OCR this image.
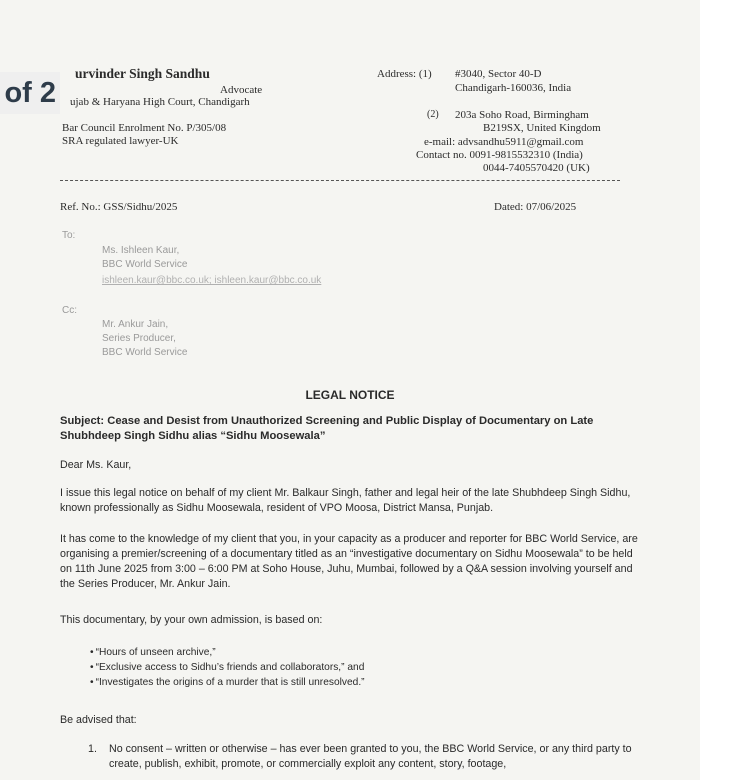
urvinder Singh Sandhu
Advocate
ujab & Haryana High Court, Chandigarh
Bar Council Enrolment No. P/305/08
SRA regulated lawyer-UK
Address: (1) #3040, Sector 40-D
Chandigarh-160036, India
(2) 203a Soho Road, Birmingham
B219SX, United Kingdom
e-mail: advsandhu5911@gmail.com
Contact no. 0091-9815532310 (India)
0044-7405570420 (UK)
Ref. No.: GSS/Sidhu/2025	Dated: 07/06/2025
To:
Ms. Ishleen Kaur,
BBC World Service
ishleen.kaur@bbc.co.uk; ishleen.kaur@bbc.co.uk
Cc:
Mr. Ankur Jain,
Series Producer,
BBC World Service
LEGAL NOTICE
Subject: Cease and Desist from Unauthorized Screening and Public Display of Documentary on Late Shubhdeep Singh Sidhu alias “Sidhu Moosewala”
Dear Ms. Kaur,
I issue this legal notice on behalf of my client Mr. Balkaur Singh, father and legal heir of the late Shubhdeep Singh Sidhu, known professionally as Sidhu Moosewala, resident of VPO Moosa, District Mansa, Punjab.
It has come to the knowledge of my client that you, in your capacity as a producer and reporter for BBC World Service, are organising a premier/screening of a documentary titled as an “investigative documentary on Sidhu Moosewala” to be held on 11th June 2025 from 3:00 – 6:00 PM at Soho House, Juhu, Mumbai, followed by a Q&A session involving yourself and the Series Producer, Mr. Ankur Jain.
This documentary, by your own admission, is based on:
• “Hours of unseen archive,”
• “Exclusive access to Sidhu’s friends and collaborators,” and
• “Investigates the origins of a murder that is still unresolved.”
Be advised that:
1. No consent – written or otherwise – has ever been granted to you, the BBC World Service, or any third party to create, publish, exhibit, promote, or commercially exploit any content, story, footage,
of 2
